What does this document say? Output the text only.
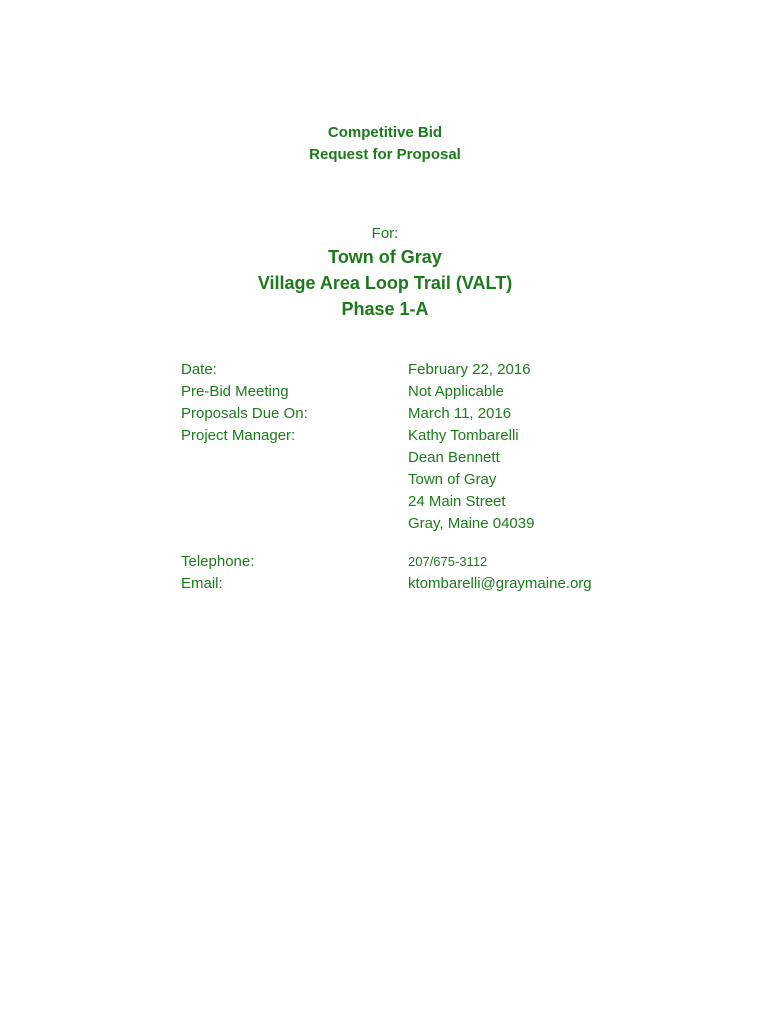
Competitive Bid
Request for Proposal
For:
Town of Gray
Village Area Loop Trail (VALT)
Phase 1-A
Date:	February 22, 2016
Pre-Bid Meeting	Not Applicable
Proposals Due On:	March 11, 2016
Project Manager:	Kathy Tombarelli
Dean Bennett
Town of Gray
24 Main Street
Gray, Maine 04039
Telephone:	207/675-3112
Email:	ktombarelli@graymaine.org
